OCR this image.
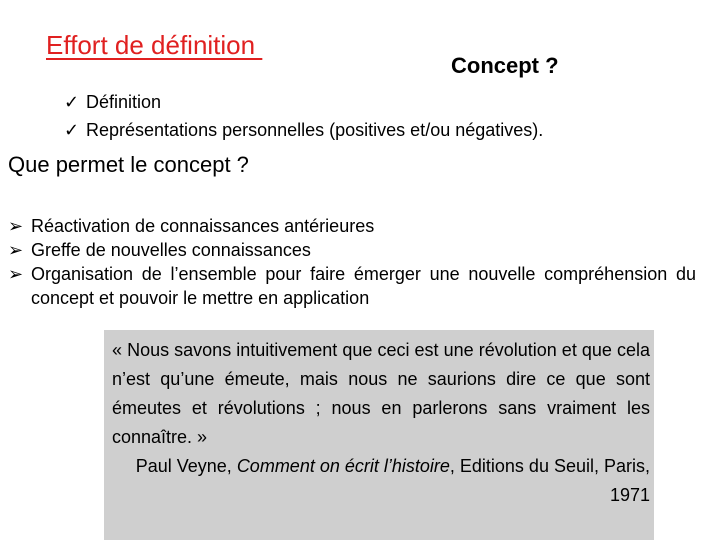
Effort de définition
Concept ?
✓ Définition
✓ Représentations personnelles (positives et/ou négatives).
Que permet le concept ?
➢ Réactivation de connaissances antérieures
➢ Greffe de nouvelles connaissances
➢ Organisation de l’ensemble pour faire émerger une nouvelle compréhension du concept et pouvoir le mettre en application
« Nous savons intuitivement que ceci est une révolution et que cela n’est qu’une émeute, mais nous ne saurions dire ce que sont émeutes et révolutions ; nous en parlerons sans vraiment les connaître. »
Paul Veyne, Comment on écrit l’histoire, Editions du Seuil, Paris, 1971
